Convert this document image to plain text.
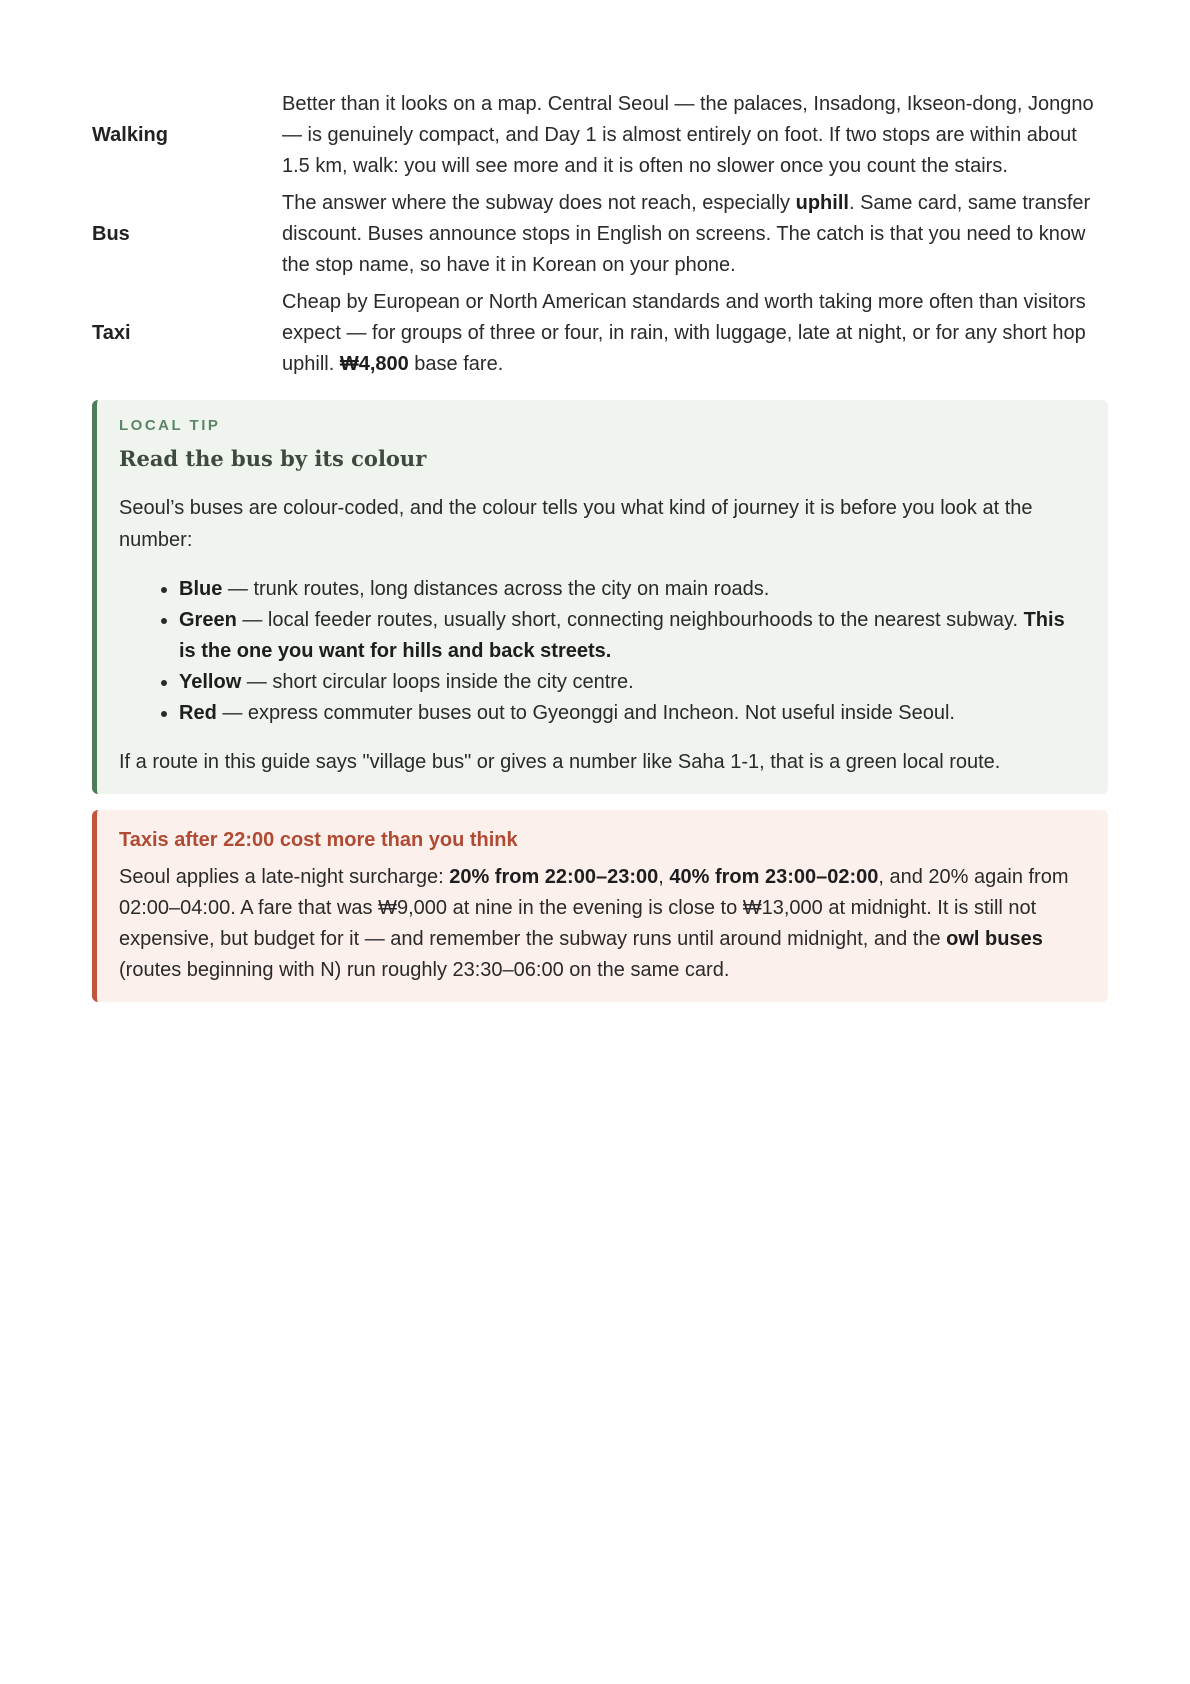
Walking	Better than it looks on a map. Central Seoul — the palaces, Insadong, Ikseon-dong, Jongno — is genuinely compact, and Day 1 is almost entirely on foot. If two stops are within about 1.5 km, walk: you will see more and it is often no slower once you count the stairs.
Bus	The answer where the subway does not reach, especially uphill. Same card, same transfer discount. Buses announce stops in English on screens. The catch is that you need to know the stop name, so have it in Korean on your phone.
Taxi	Cheap by European or North American standards and worth taking more often than visitors expect — for groups of three or four, in rain, with luggage, late at night, or for any short hop uphill. ₩4,800 base fare.
LOCAL TIP
Read the bus by its colour
Seoul’s buses are colour-coded, and the colour tells you what kind of journey it is before you look at the number:
• Blue — trunk routes, long distances across the city on main roads.
• Green — local feeder routes, usually short, connecting neighbourhoods to the nearest subway. This is the one you want for hills and back streets.
• Yellow — short circular loops inside the city centre.
• Red — express commuter buses out to Gyeonggi and Incheon. Not useful inside Seoul.
If a route in this guide says "village bus" or gives a number like Saha 1-1, that is a green local route.
Taxis after 22:00 cost more than you think
Seoul applies a late-night surcharge: 20% from 22:00–23:00, 40% from 23:00–02:00, and 20% again from 02:00–04:00. A fare that was ₩9,000 at nine in the evening is close to ₩13,000 at midnight. It is still not expensive, but budget for it — and remember the subway runs until around midnight, and the owl buses (routes beginning with N) run roughly 23:30–06:00 on the same card.
